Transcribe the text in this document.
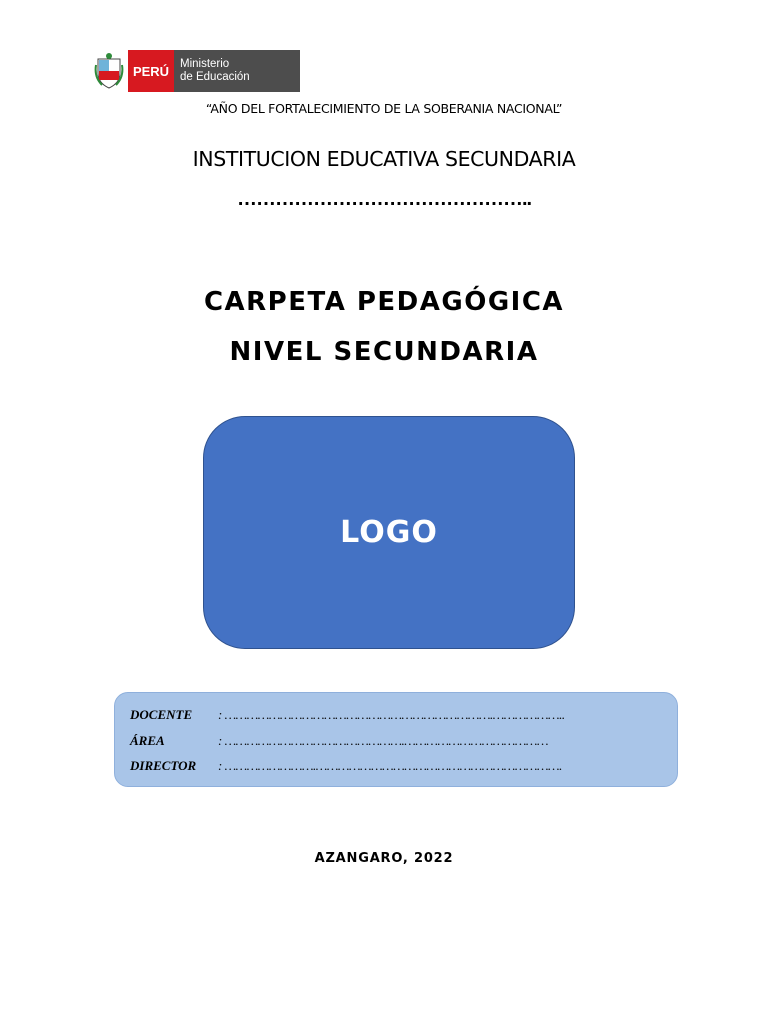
PERÚ Ministerio
de Educación
“AÑO DEL FORTALECIMIENTO DE LA SOBERANIA NACIONAL”
INSTITUCION EDUCATIVA SECUNDARIA
………………………………………..
CARPETA PEDAGÓGICA
NIVEL SECUNDARIA
LOGO
DOCENTE	: ……………………………………………………………….………………..
ÁREA	: ………………………………………….…………………………………
DIRECTOR	: …………………….………………………………………………………….
AZANGARO, 2022
